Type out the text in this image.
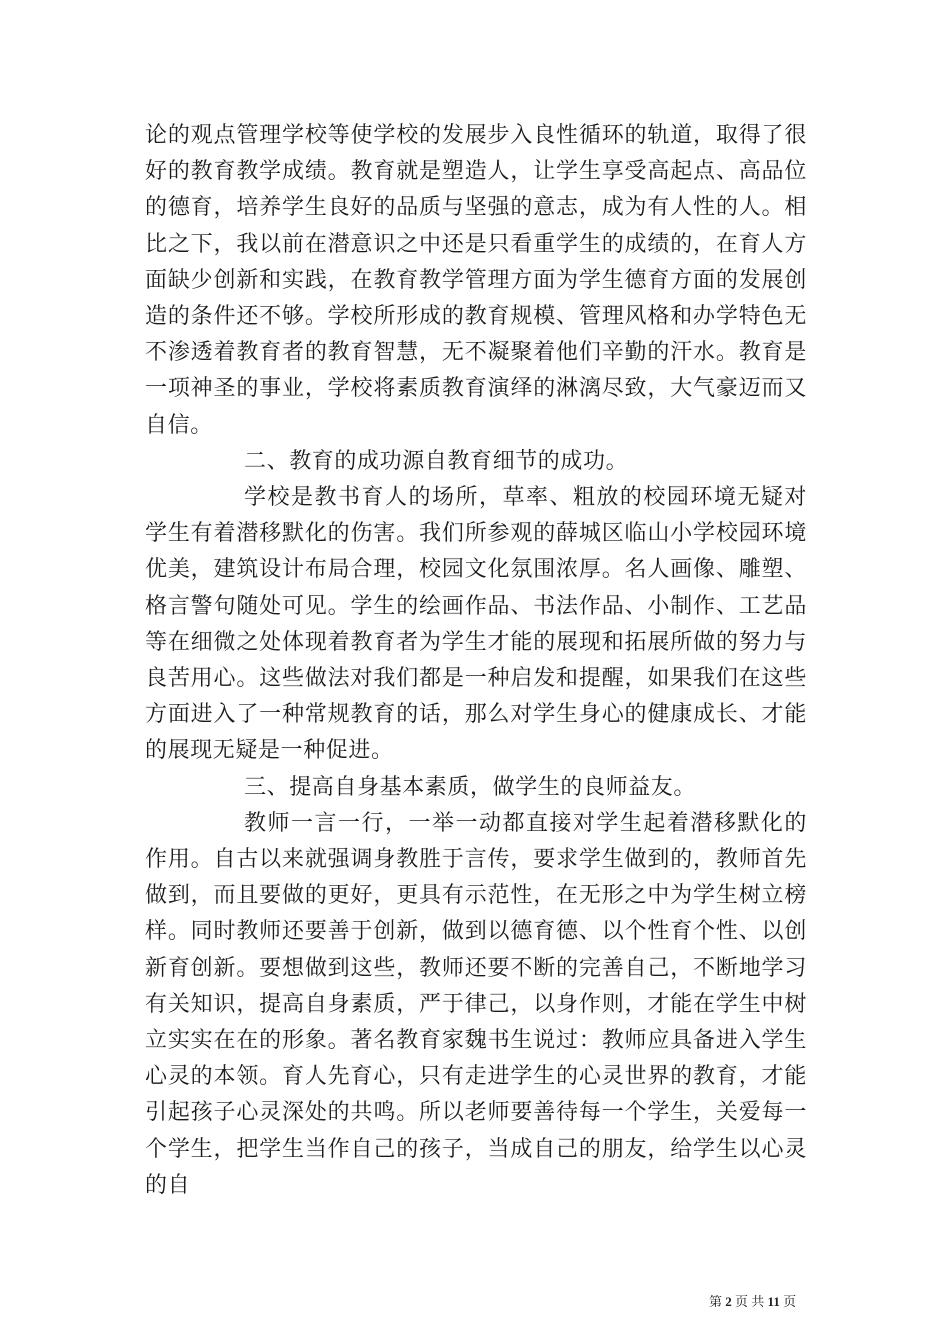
论的观点管理学校等使学校的发展步入良性循环的轨道，取得了很好的教育教学成绩。教育就是塑造人，让学生享受高起点、高品位的德育，培养学生良好的品质与坚强的意志，成为有人性的人。相比之下，我以前在潜意识之中还是只看重学生的成绩的，在育人方面缺少创新和实践，在教育教学管理方面为学生德育方面的发展创造的条件还不够。学校所形成的教育规模、管理风格和办学特色无不渗透着教育者的教育智慧，无不凝聚着他们辛勤的汗水。教育是一项神圣的事业，学校将素质教育演绎的淋漓尽致，大气豪迈而又自信。

二、教育的成功源自教育细节的成功。

学校是教书育人的场所，草率、粗放的校园环境无疑对学生有着潜移默化的伤害。我们所参观的薛城区临山小学校园环境优美，建筑设计布局合理，校园文化氛围浓厚。名人画像、雕塑、格言警句随处可见。学生的绘画作品、书法作品、小制作、工艺品等在细微之处体现着教育者为学生才能的展现和拓展所做的努力与良苦用心。这些做法对我们都是一种启发和提醒，如果我们在这些方面进入了一种常规教育的话，那么对学生身心的健康成长、才能的展现无疑是一种促进。

三、提高自身基本素质，做学生的良师益友。

教师一言一行，一举一动都直接对学生起着潜移默化的作用。自古以来就强调身教胜于言传，要求学生做到的，教师首先做到，而且要做的更好，更具有示范性，在无形之中为学生树立榜样。同时教师还要善于创新，做到以德育德、以个性育个性、以创新育创新。要想做到这些，教师还要不断的完善自己，不断地学习有关知识，提高自身素质，严于律己，以身作则，才能在学生中树立实实在在的形象。著名教育家魏书生说过：教师应具备进入学生心灵的本领。育人先育心，只有走进学生的心灵世界的教育，才能引起孩子心灵深处的共鸣。所以老师要善待每一个学生，关爱每一个学生，把学生当作自己的孩子，当成自己的朋友，给学生以心灵的自

第 2 页 共 11 页
